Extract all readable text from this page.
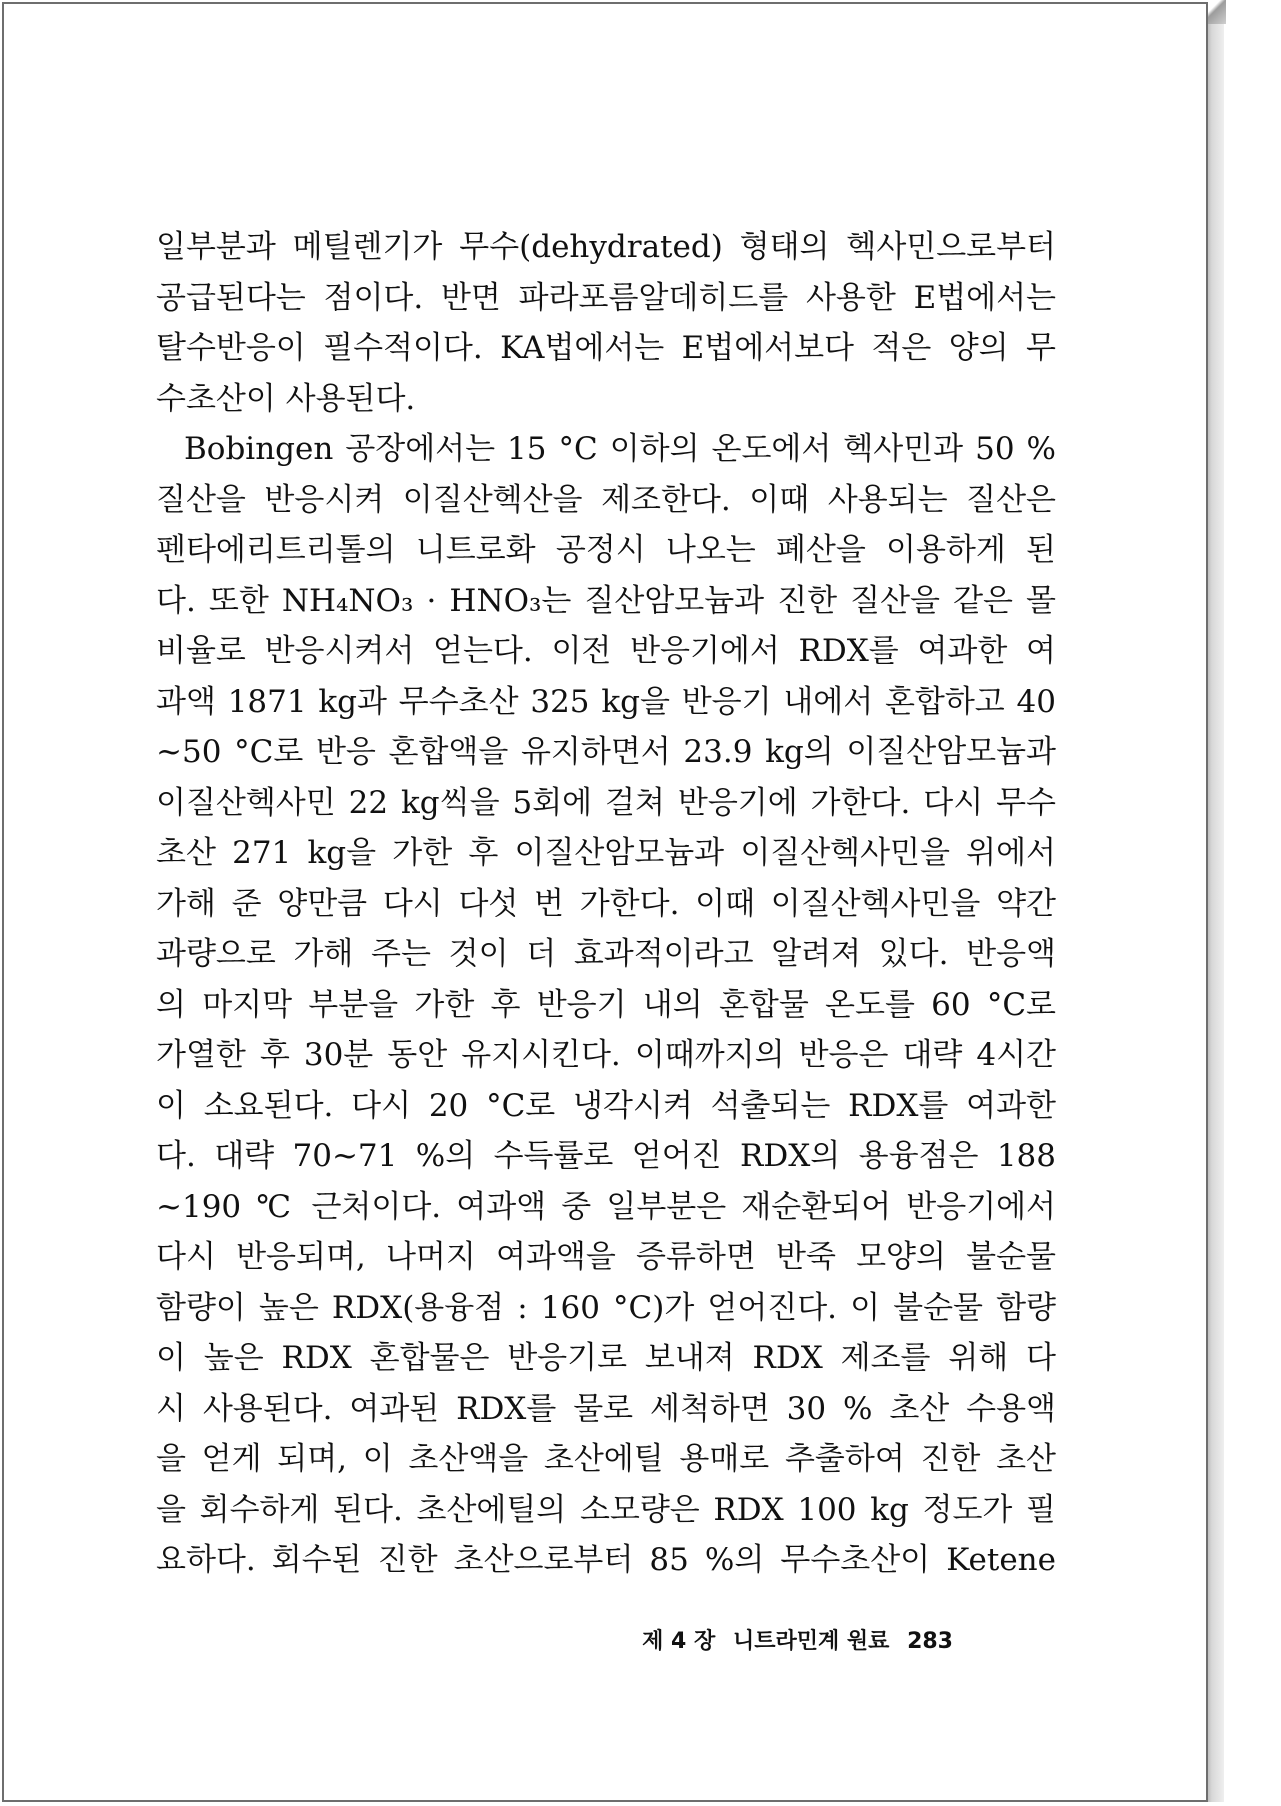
일부분과 메틸렌기가 무수(dehydrated) 형태의 헥사민으로부터
공급된다는 점이다. 반면 파라포름알데히드를 사용한 E법에서는
탈수반응이 필수적이다. KA법에서는 E법에서보다 적은 양의 무
수초산이 사용된다.
Bobingen 공장에서는 15 °C 이하의 온도에서 헥사민과 50 %
질산을 반응시켜 이질산헥산을 제조한다. 이때 사용되는 질산은
펜타에리트리톨의 니트로화 공정시 나오는 폐산을 이용하게 된
다. 또한 NH₄NO₃ · HNO₃는 질산암모늄과 진한 질산을 같은 몰
비율로 반응시켜서 얻는다. 이전 반응기에서 RDX를 여과한 여
과액 1871 kg과 무수초산 325 kg을 반응기 내에서 혼합하고 40
~50 °C로 반응 혼합액을 유지하면서 23.9 kg의 이질산암모늄과
이질산헥사민 22 kg씩을 5회에 걸쳐 반응기에 가한다. 다시 무수
초산 271 kg을 가한 후 이질산암모늄과 이질산헥사민을 위에서
가해 준 양만큼 다시 다섯 번 가한다. 이때 이질산헥사민을 약간
과량으로 가해 주는 것이 더 효과적이라고 알려져 있다. 반응액
의 마지막 부분을 가한 후 반응기 내의 혼합물 온도를 60 °C로
가열한 후 30분 동안 유지시킨다. 이때까지의 반응은 대략 4시간
이 소요된다. 다시 20 °C로 냉각시켜 석출되는 RDX를 여과한
다. 대략 70~71 %의 수득률로 얻어진 RDX의 용융점은 188
~190 ℃ 근처이다. 여과액 중 일부분은 재순환되어 반응기에서
다시 반응되며, 나머지 여과액을 증류하면 반죽 모양의 불순물
함량이 높은 RDX(용융점 : 160 °C)가 얻어진다. 이 불순물 함량
이 높은 RDX 혼합물은 반응기로 보내져 RDX 제조를 위해 다
시 사용된다. 여과된 RDX를 물로 세척하면 30 % 초산 수용액
을 얻게 되며, 이 초산액을 초산에틸 용매로 추출하여 진한 초산
을 회수하게 된다. 초산에틸의 소모량은 RDX 100 kg 정도가 필
요하다. 회수된 진한 초산으로부터 85 %의 무수초산이 Ketene
제 4 장 니트라민계 원료 283
